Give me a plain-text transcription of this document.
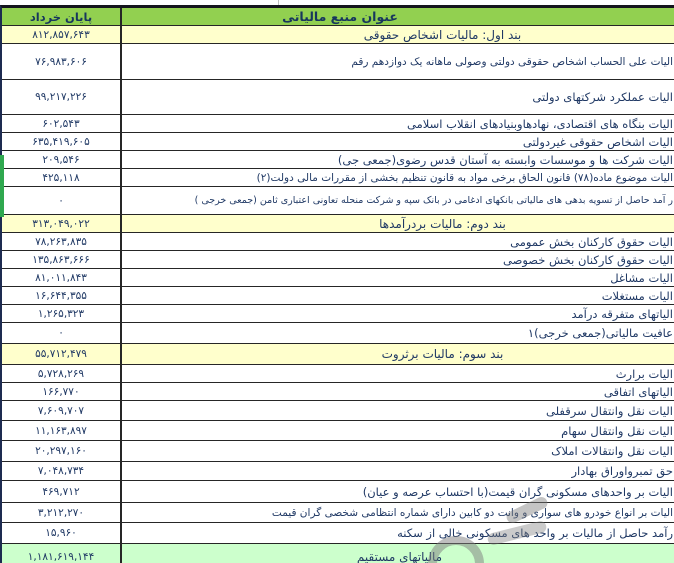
عنوان منبع مالیاتی
پایان خرداد
بند اول: مالیات اشخاص حقوقی
۸۱۲,۸۵۷,۶۴۳
الیات علی الحساب اشخاص حقوقی دولتی وصولی ماهانه یک دوازدهم رقم
۷۶,۹۸۳,۶۰۶
الیات عملکرد شرکتهای دولتی
۹۹,۲۱۷,۲۲۶
الیات بنگاه های اقتصادی، نهادهاوبنیادهای انقلاب اسلامی
۶۰۲,۵۴۳
الیات اشخاص حقوقی غیردولتی
۶۳۵,۴۱۹,۶۰۵
الیات شرکت ها و موسسات وابسته به آستان قدس رضوی(جمعی جی)
۲۰۹,۵۴۶
الیات موضوع ماده(۷۸) قانون الحاق برخی مواد به قانون تنظیم بخشی از مقررات مالی دولت(۲)
۴۲۵,۱۱۸
ر آمد حاصل از تسویه بدهی های مالیاتی بانکهای ادغامی در بانک سپه و شرکت منحله تعاونی اعتباری ثامن (جمعی خرجی )
۰
بند دوم: مالیات بردرآمدها
۳۱۳,۰۴۹,۰۲۲
الیات حقوق کارکنان بخش عمومی
۷۸,۲۶۳,۸۳۵
الیات حقوق کارکنان بخش خصوصی
۱۳۵,۸۶۳,۶۶۶
الیات مشاغل
۸۱,۰۱۱,۸۴۳
الیات مستغلات
۱۶,۶۴۴,۳۵۵
الیاتهای متفرقه درآمد
۱,۲۶۵,۳۲۳
عافیت مالیاتی(جمعی خرجی)۱
۰
بند سوم: مالیات برثروت
۵۵,۷۱۲,۴۷۹
الیات برارث
۵,۷۲۸,۲۶۹
الیاتهای اتفاقی
۱۶۶,۷۷۰
الیات نقل وانتقال سرقفلی
۷,۶۰۹,۷۰۷
الیات نقل وانتقال سهام
۱۱,۱۶۳,۸۹۷
الیات نقل وانتقالات املاک
۲۰,۲۹۷,۱۶۰
حق تمبرواوراق بهادار
۷,۰۴۸,۷۳۴
الیات بر واحدهای مسکونی گران قیمت(با احتساب عرصه و عیان)
۴۶۹,۷۱۲
الیات بر انواع خودرو های سواری و وانت دو کابین دارای شماره انتظامی شخصی گران قیمت
۳,۲۱۲,۲۷۰
رآمد حاصل از مالیات بر واحد های مسکونی خالی از سکنه
۱۵,۹۶۰
مالیاتهای مستقیم
۱,۱۸۱,۶۱۹,۱۴۴
